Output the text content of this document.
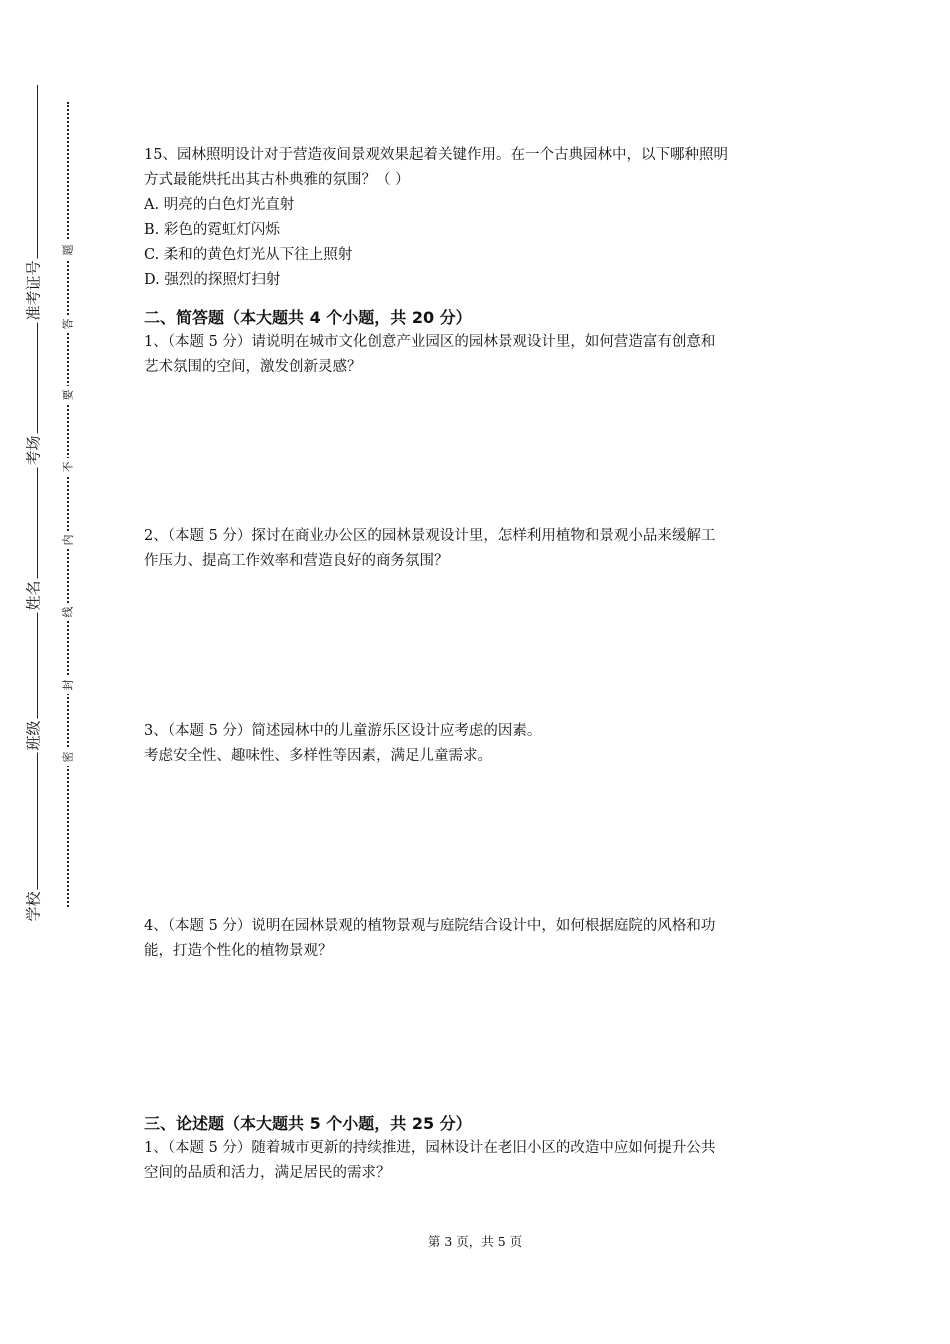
准考证号
考场
姓名
班级
学校
题
答
要
不
内
线
封
密

15、园林照明设计对于营造夜间景观效果起着关键作用。在一个古典园林中，以下哪种照明

方式最能烘托出其古朴典雅的氛围？（ ）

A. 明亮的白色灯光直射

B. 彩色的霓虹灯闪烁

C. 柔和的黄色灯光从下往上照射

D. 强烈的探照灯扫射

二、简答题（本大题共 4 个小题，共 20 分）

1、（本题 5 分）请说明在城市文化创意产业园区的园林景观设计里，如何营造富有创意和

艺术氛围的空间，激发创新灵感？

2、（本题 5 分）探讨在商业办公区的园林景观设计里，怎样利用植物和景观小品来缓解工

作压力、提高工作效率和营造良好的商务氛围？

3、（本题 5 分）简述园林中的儿童游乐区设计应考虑的因素。

考虑安全性、趣味性、多样性等因素，满足儿童需求。

4、（本题 5 分）说明在园林景观的植物景观与庭院结合设计中，如何根据庭院的风格和功

能，打造个性化的植物景观？

三、论述题（本大题共 5 个小题，共 25 分）

1、（本题 5 分）随着城市更新的持续推进，园林设计在老旧小区的改造中应如何提升公共

空间的品质和活力，满足居民的需求？

第 3 页，共 5 页
